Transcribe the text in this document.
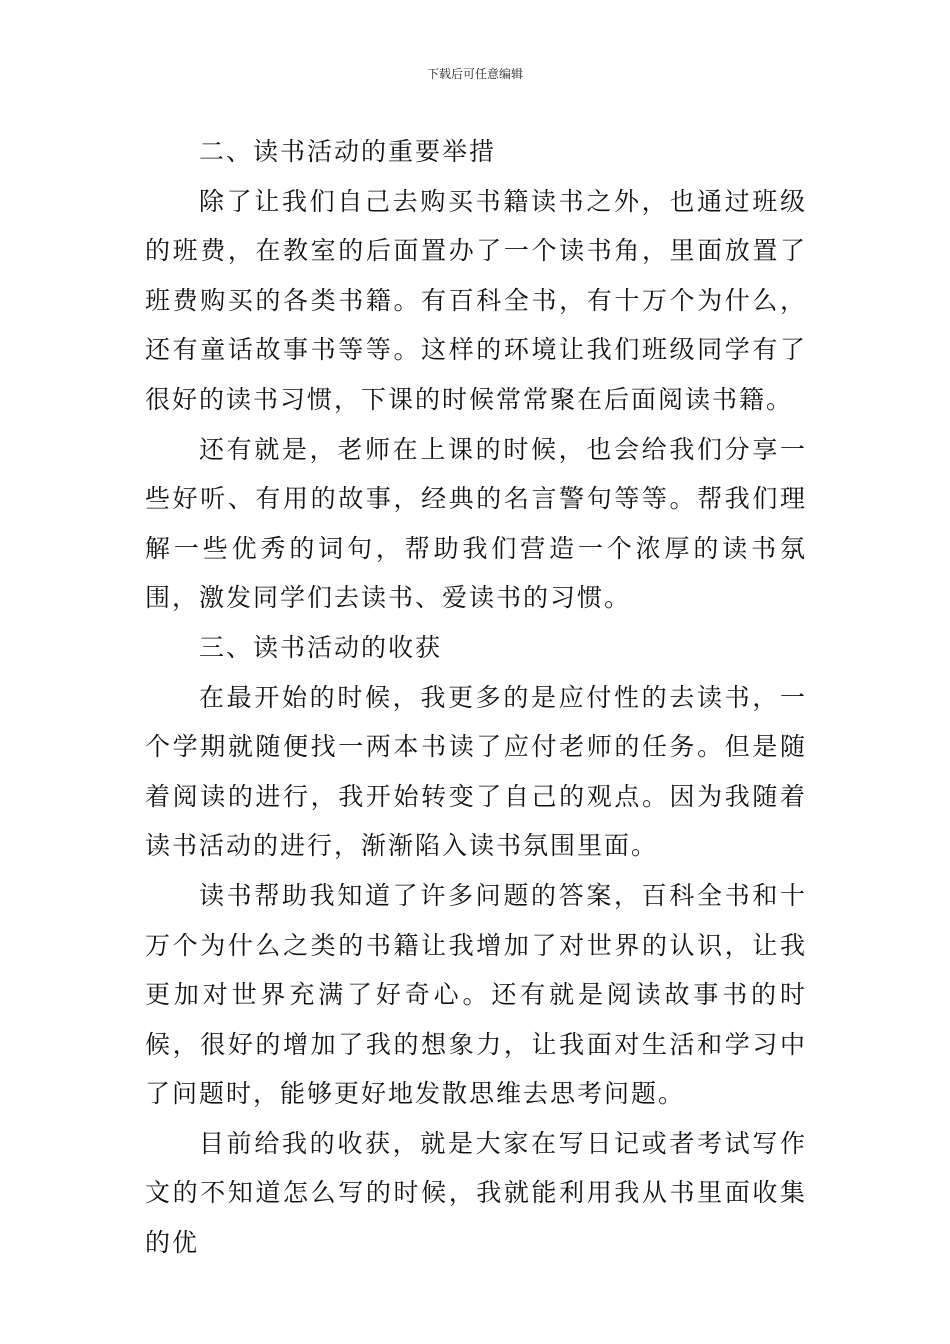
下载后可任意编辑

二、读书活动的重要举措

除了让我们自己去购买书籍读书之外，也通过班级的班费，在教室的后面置办了一个读书角，里面放置了班费购买的各类书籍。有百科全书，有十万个为什么，还有童话故事书等等。这样的环境让我们班级同学有了很好的读书习惯，下课的时候常常聚在后面阅读书籍。

还有就是，老师在上课的时候，也会给我们分享一些好听、有用的故事，经典的名言警句等等。帮我们理解一些优秀的词句，帮助我们营造一个浓厚的读书氛围，激发同学们去读书、爱读书的习惯。

三、读书活动的收获

在最开始的时候，我更多的是应付性的去读书，一个学期就随便找一两本书读了应付老师的任务。但是随着阅读的进行，我开始转变了自己的观点。因为我随着读书活动的进行，渐渐陷入读书氛围里面。

读书帮助我知道了许多问题的答案，百科全书和十万个为什么之类的书籍让我增加了对世界的认识，让我更加对世界充满了好奇心。还有就是阅读故事书的时候，很好的增加了我的想象力，让我面对生活和学习中了问题时，能够更好地发散思维去思考问题。

目前给我的收获，就是大家在写日记或者考试写作文的不知道怎么写的时候，我就能利用我从书里面收集的优
